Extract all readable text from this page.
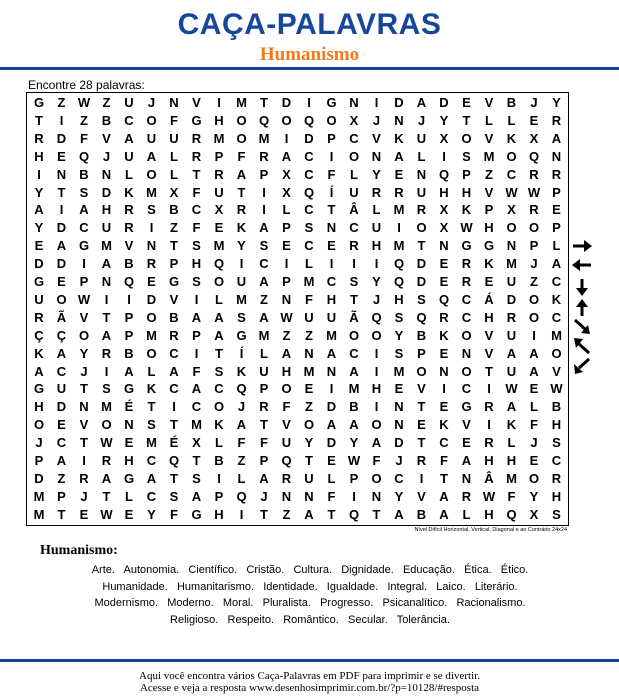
CAÇA-PALAVRAS
Humanismo
Encontre 28 palavras:
G	Z W Z	U	J	N	V	I	M	T	D	I	G N	I	D	A	D	E	V	B	J	Y
T	I	Z	B	C O	F	G H O Q O Q O	X	J	N	J	Y	T	L	L	E	R
R	D	F	V	A	U	U	R M O M	I	D	P	C	V	K	U	X	O	V	K	X	A
H	E	Q	J	U	A	L	R	P	F	R	A	C	I	O N	A	L	I	S M O Q N
I	N	B	N	L	O	L	T	R	A	P	X	C	F	L	Y	E	N Q	P	Z	C	R	R
Y	T	S	D	K M X	F	U	T	I	X	Q	Í	U	R	R	U	H	H	V W W P
A	I	A	H	R	S	B	C	X	R	I	L	C	T	Â	L	M R	X	K	P	X	R	E
Y	D	C	U	R	I	Z	F	E	K	A	P	S	N	C	U	I	O	X W H O O	P
E	A G M V	N	T	S M Y	S	E	C	E	R	H M	T	N G G N	P	L
D	D	I	A	B	R	P	H Q	I	C	I	L	I	I	I	Q D	E	R	K M	J	A
G	E	P	N Q	E	G	S	O U	A	P M C	S	Y	Q D	E	R	E	U	Z	C
U O W	I	I	D	V	I	L	M	Z	N	F	H	T	J	H	S	Q C	Á	D O K
R	Ã	V	T	P	O B	A	A	S	A W U	U	Ã Q	S	Q R	C	H	R O C
Ç	Ç O A	P M R	P	A G M	Z	Z	M O O	Y	B	K O	V	U	I	M
K	A	Y	R	B O C	I	T	Í	L	A	N	A	C	I	S	P	E	N	V	A	A O
A	C	J	I	A	L	A	F	S	K	U	H M N	A	I	M O N O	T	U	A	V
G U	T	S	G K	C	A	C Q	P	O	E	I	M H	E	V	I	C	I	W E W
H	D	N M É	T	I	C O	J	R	F	Z	D	B	I	N	T	E	G R	A	L	B
O	E	V	O N	S	T	M K	A	T	V	O A	A O N	E	K	V	I	K	F	H
J	C	T W E M É	X	L	F	F	U	Y	D	Y	A	D	T	C	E	R	L	J	S
P	A	I	R	H	C Q	T	B	Z	P	Q	T	E W F	J	R	F	A	H	H	E	C
D	Z	R	A G A	T	S	I	L	A	R	U	L	P	O C	I	T	N	Â M O R
M P	J	T	L	C	S	A	P	Q	J	N	N	F	I	N	Y	V	A	R W F	Y	H
M	T	E W E	Y	F	G H	I	T	Z	A	T	Q	T	A	B	A	L	H Q	X	S
Nível Difícil Horizontal, Vertical, Diagonal e ao Contrário 24x24
Humanismo:
Arte. Autonomia. Científico. Cristão. Cultura. Dignidade. Educação. Ética. Ético.
Humanidade. Humanitarismo. Identidade. Igualdade. Integral. Laico. Literário.
Modernismo. Moderno. Moral. Pluralista. Progresso. Psicanalítico. Racionalismo.
Religioso. Respeito. Romântico. Secular. Tolerância.
Aqui você encontra vários Caça-Palavras em PDF para imprimir e se divertir.
Acesse e veja a resposta www.desenhosimprimir.com.br/?p=10128/#resposta
